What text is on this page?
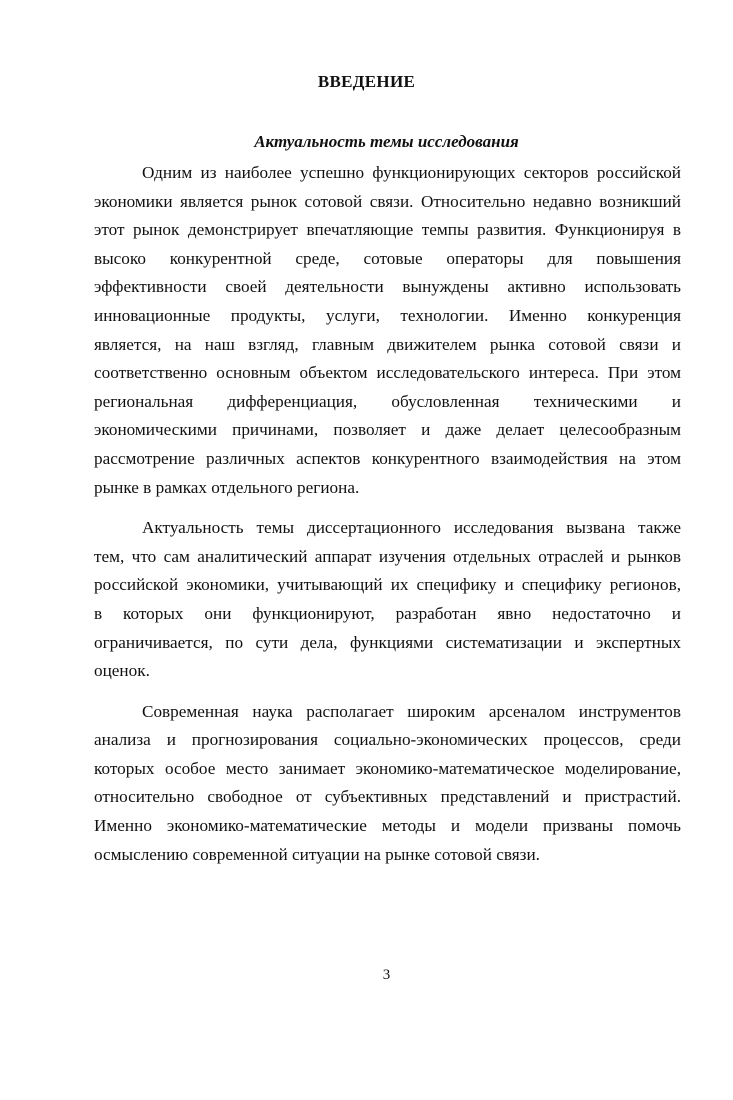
ВВЕДЕНИЕ
Актуальность темы исследования
Одним из наиболее успешно функционирующих секторов российской
экономики является рынок сотовой связи. Относительно недавно возникший
этот рынок демонстрирует впечатляющие темпы развития. Функционируя в
высоко конкурентной среде, сотовые операторы для повышения
эффективности своей деятельности вынуждены активно использовать
инновационные продукты, услуги, технологии. Именно конкуренция
является, на наш взгляд, главным движителем рынка сотовой связи и
соответственно основным объектом исследовательского интереса. При этом
региональная дифференциация, обусловленная техническими и
экономическими причинами, позволяет и даже делает целесообразным
рассмотрение различных аспектов конкурентного взаимодействия на этом
рынке в рамках отдельного региона.
Актуальность темы диссертационного исследования вызвана также
тем, что сам аналитический аппарат изучения отдельных отраслей и рынков
российской экономики, учитывающий их специфику и специфику регионов,
в которых они функционируют, разработан явно недостаточно и
ограничивается, по сути дела, функциями систематизации и экспертных
оценок.
Современная наука располагает широким арсеналом инструментов
анализа и прогнозирования социально-экономических процессов, среди
которых особое место занимает экономико-математическое моделирование,
относительно свободное от субъективных представлений и пристрастий.
Именно экономико-математические методы и модели призваны помочь
осмыслению современной ситуации на рынке сотовой связи.
3
